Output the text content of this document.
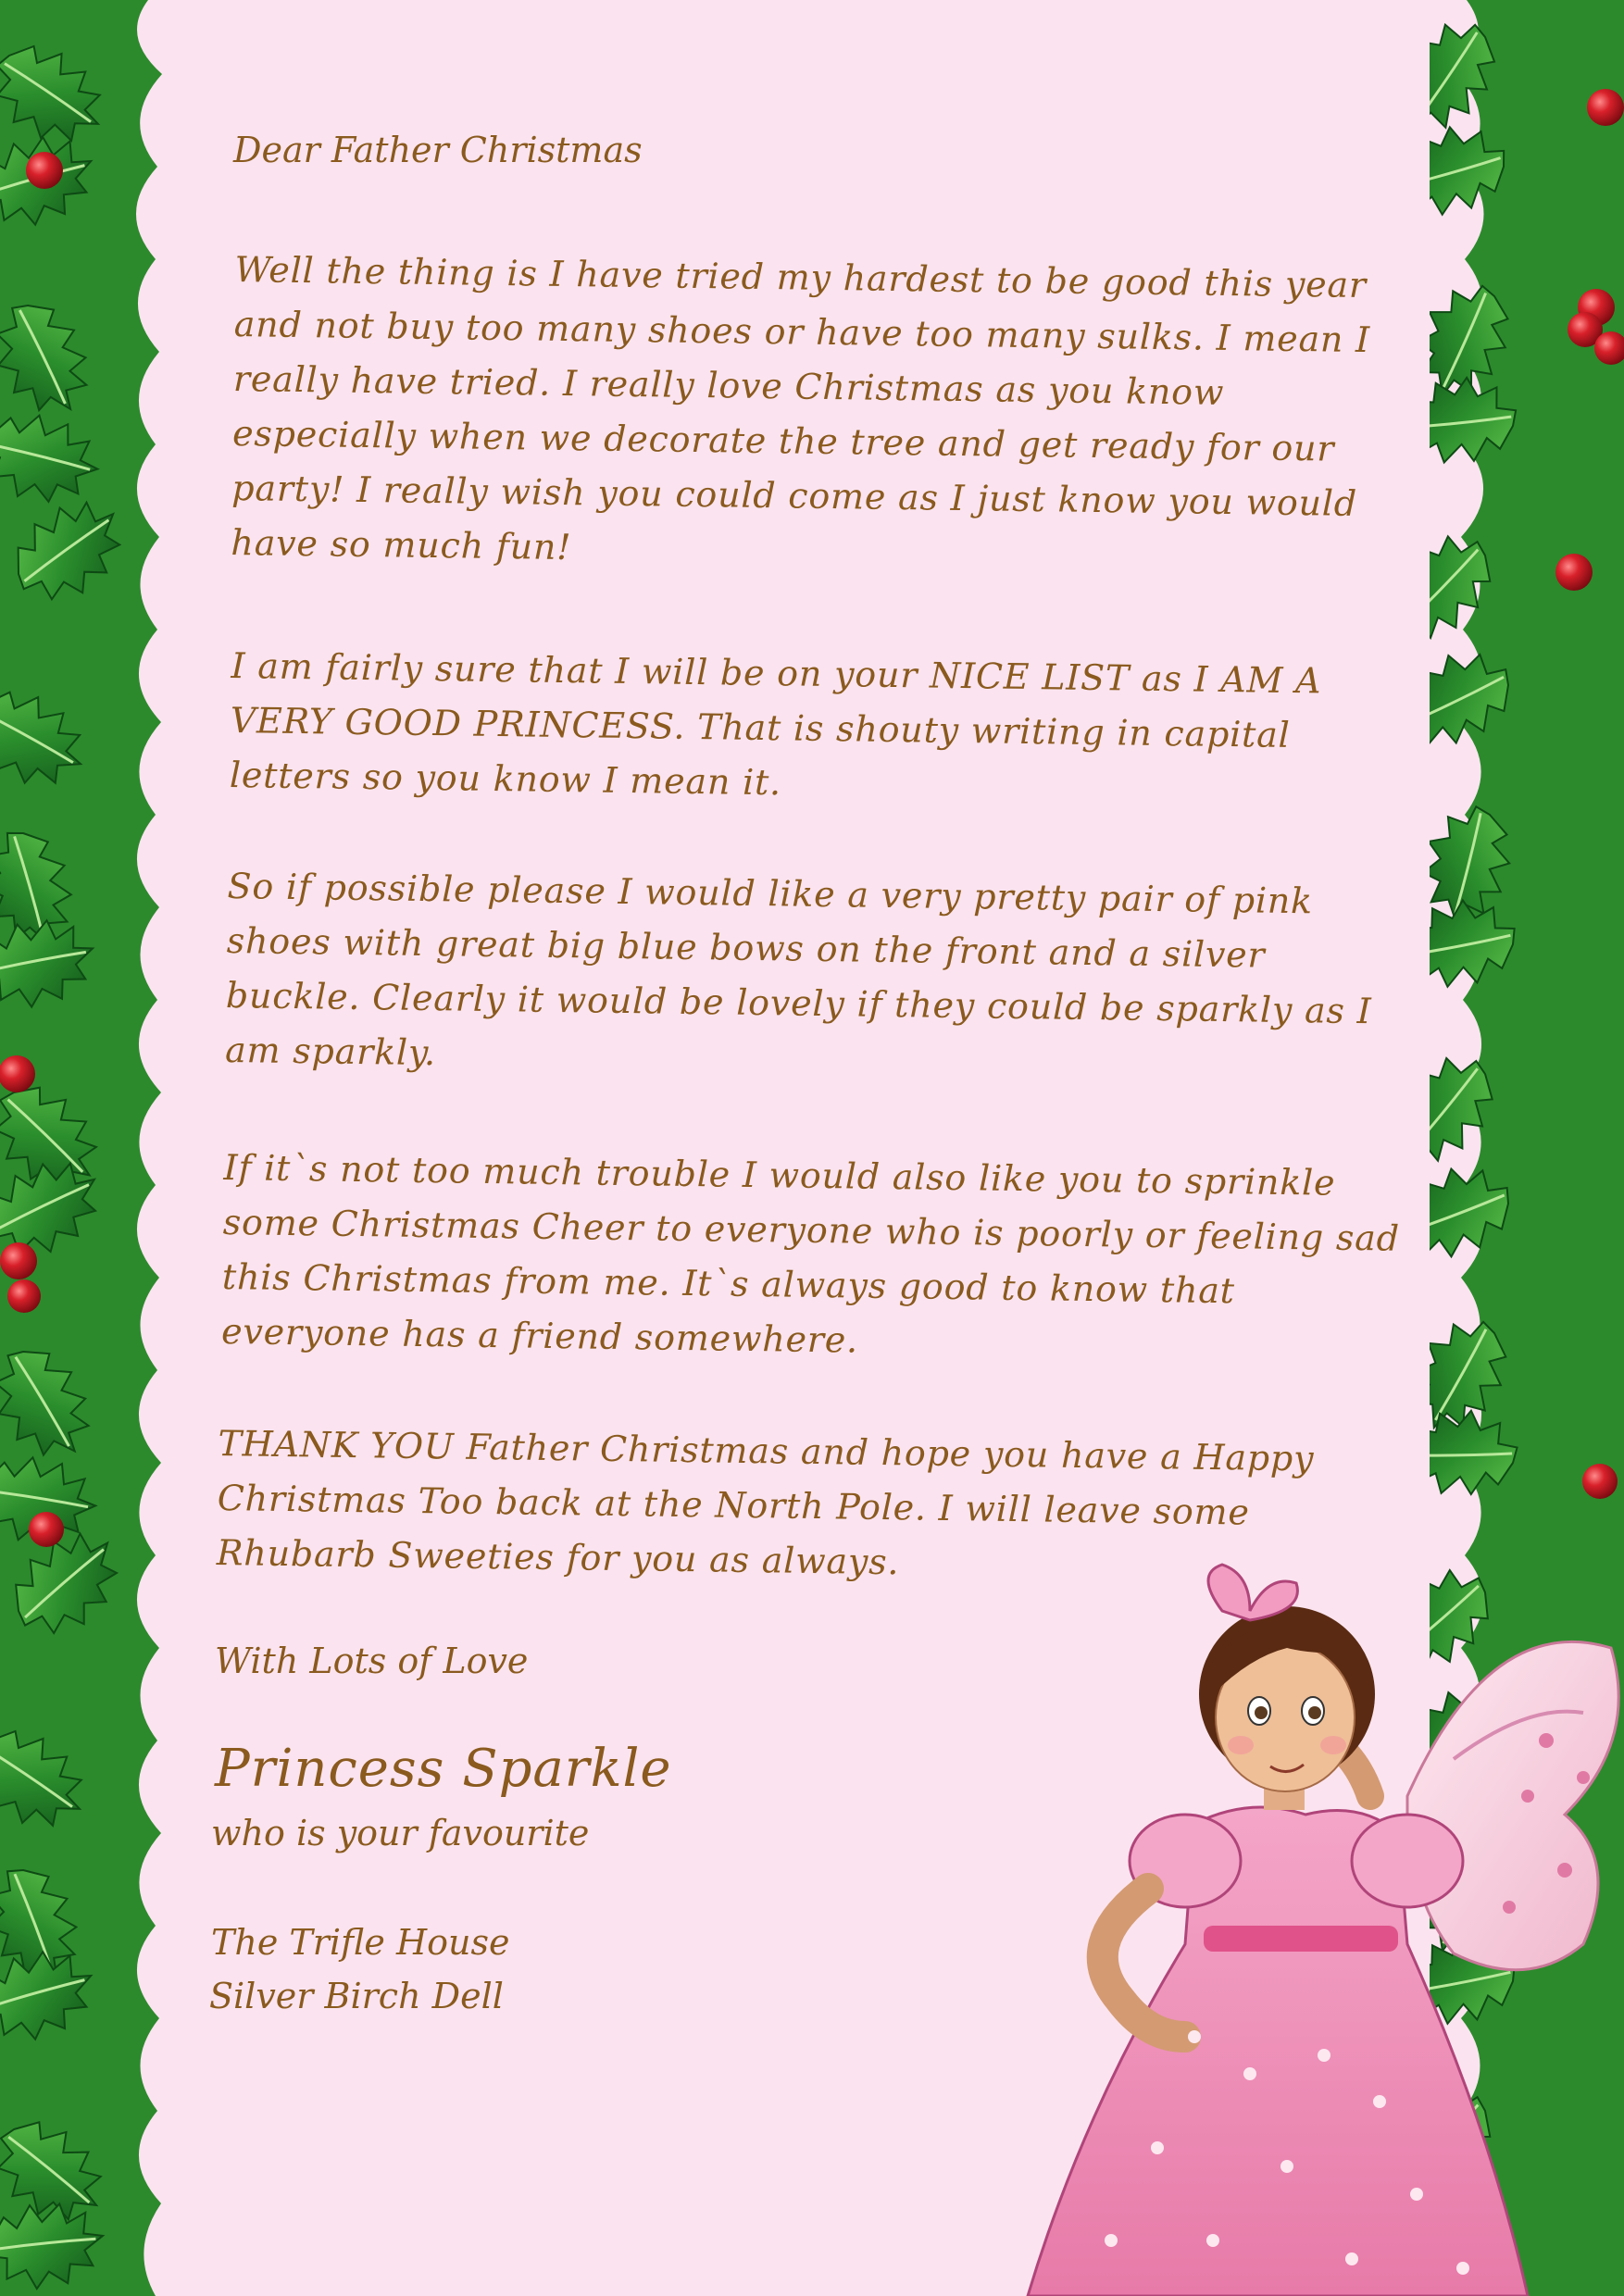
Dear Father Christmas
Well the thing is I have tried my hardest to be good this year and not buy too many shoes or have too many sulks. I mean I really have tried. I really love Christmas as you know especially when we decorate the tree and get ready for our party! I really wish you could come as I just know you would have so much fun!
I am fairly sure that I will be on your NICE LIST as I AM A VERY GOOD PRINCESS. That is shouty writing in capital letters so you know I mean it.
So if possible please I would like a very pretty pair of pink shoes with great big blue bows on the front and a silver buckle. Clearly it would be lovely if they could be sparkly as I am sparkly.
If it`s not too much trouble I would also like you to sprinkle some Christmas Cheer to everyone who is poorly or feeling sad this Christmas from me. It`s always good to know that everyone has a friend somewhere.
THANK YOU Father Christmas and hope you have a Happy Christmas Too back at the North Pole. I will leave some Rhubarb Sweeties for you as always.
With Lots of Love
Princess Sparkle
who is your favourite
The Trifle House
Silver Birch Dell
